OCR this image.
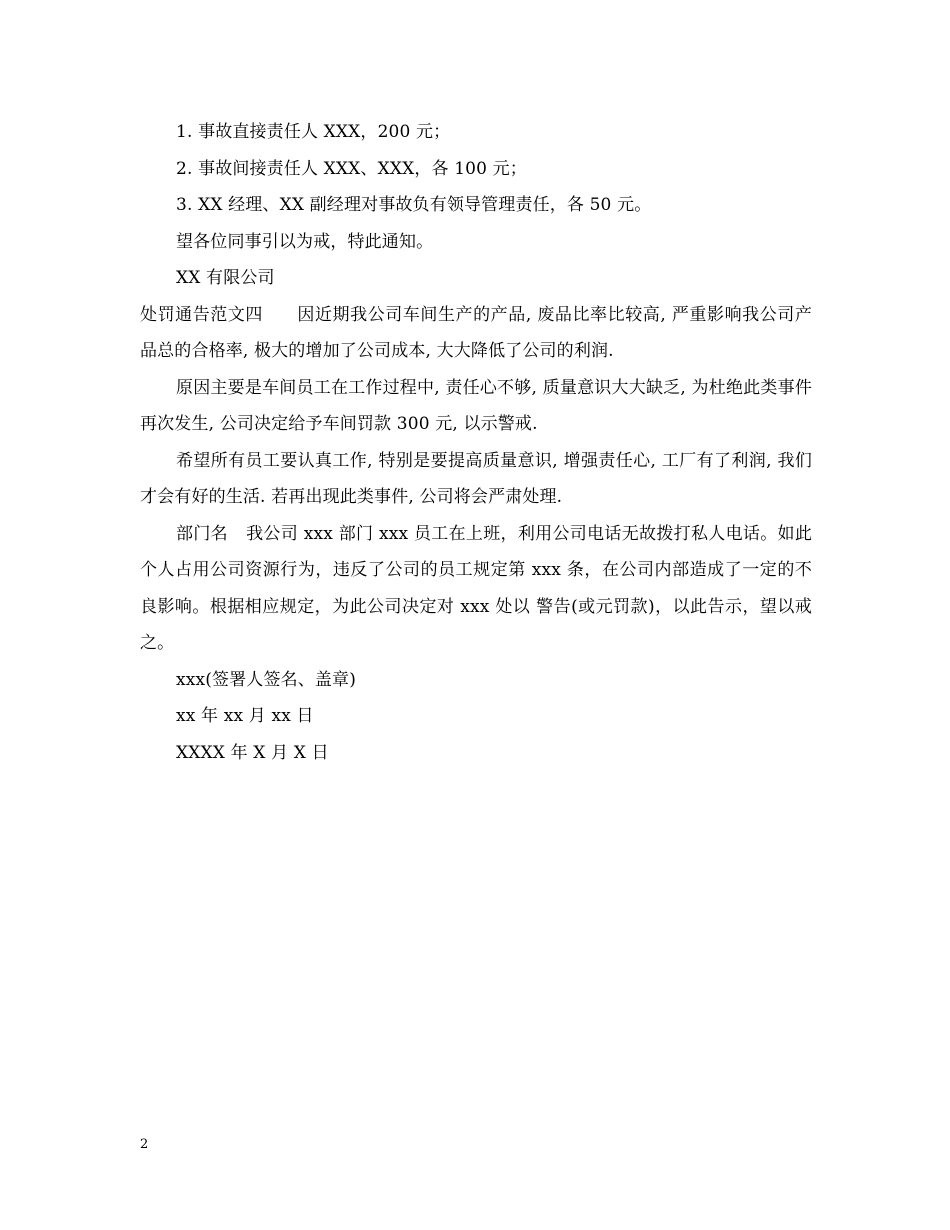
1. 事故直接责任人 XXX，200 元；

2. 事故间接责任人 XXX、XXX，各 100 元；

3. XX 经理、XX 副经理对事故负有领导管理责任，各 50 元。

望各位同事引以为戒，特此通知。

XX 有限公司

处罚通告范文四 因近期我公司车间生产的产品, 废品比率比较高, 严重影响我公司产品总的合格率, 极大的增加了公司成本, 大大降低了公司的利润.

原因主要是车间员工在工作过程中, 责任心不够, 质量意识大大缺乏, 为杜绝此类事件再次发生, 公司决定给予车间罚款 300 元, 以示警戒.

希望所有员工要认真工作, 特别是要提高质量意识, 增强责任心, 工厂有了利润, 我们才会有好的生活. 若再出现此类事件, 公司将会严肃处理.

部门名 我公司 xxx 部门 xxx 员工在上班，利用公司电话无故拨打私人电话。如此个人占用公司资源行为，违反了公司的员工规定第 xxx 条，在公司内部造成了一定的不良影响。根据相应规定，为此公司决定对 xxx 处以 警告(或元罚款)，以此告示，望以戒之。

xxx(签署人签名、盖章)

xx 年 xx 月 xx 日

XXXX 年 X 月 X 日

2
